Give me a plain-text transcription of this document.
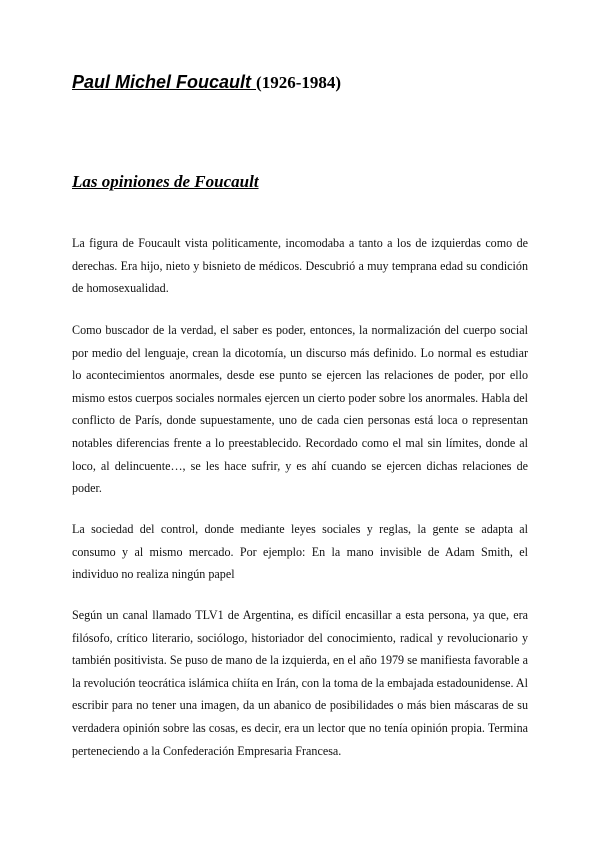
Paul Michel Foucault (1926-1984)
Las opiniones de Foucault

La figura de Foucault vista politicamente, incomodaba a tanto a los de izquierdas como de derechas. Era hijo, nieto y bisnieto de médicos. Descubrió a muy temprana edad su condición de homosexualidad.

Como buscador de la verdad, el saber es poder, entonces, la normalización del cuerpo social por medio del lenguaje, crean la dicotomía, un discurso más definido. Lo normal es estudiar lo acontecimientos anormales, desde ese punto se ejercen las relaciones de poder, por ello mismo estos cuerpos sociales normales ejercen un cierto poder sobre los anormales. Habla del conflicto de París, donde supuestamente, uno de cada cien personas está loca o representan notables diferencias frente a lo preestablecido. Recordado como el mal sin límites, donde al loco, al delincuente…, se les hace sufrir, y es ahí cuando se ejercen dichas relaciones de poder.

La sociedad del control, donde mediante leyes sociales y reglas, la gente se adapta al consumo y al mismo mercado. Por ejemplo: En la mano invisible de Adam Smith, el individuo no realiza ningún papel

Según un canal llamado TLV1 de Argentina, es difícil encasillar a esta persona, ya que, era filósofo, crítico literario, sociólogo, historiador del conocimiento, radical y revolucionario y también positivista. Se puso de mano de la izquierda, en el año 1979 se manifiesta favorable a la revolución teocrática islámica chiíta en Irán, con la toma de la embajada estadounidense. Al escribir para no tener una imagen, da un abanico de posibilidades o más bien máscaras de su verdadera opinión sobre las cosas, es decir, era un lector que no tenía opinión propia. Termina perteneciendo a la Confederación Empresaria Francesa.
